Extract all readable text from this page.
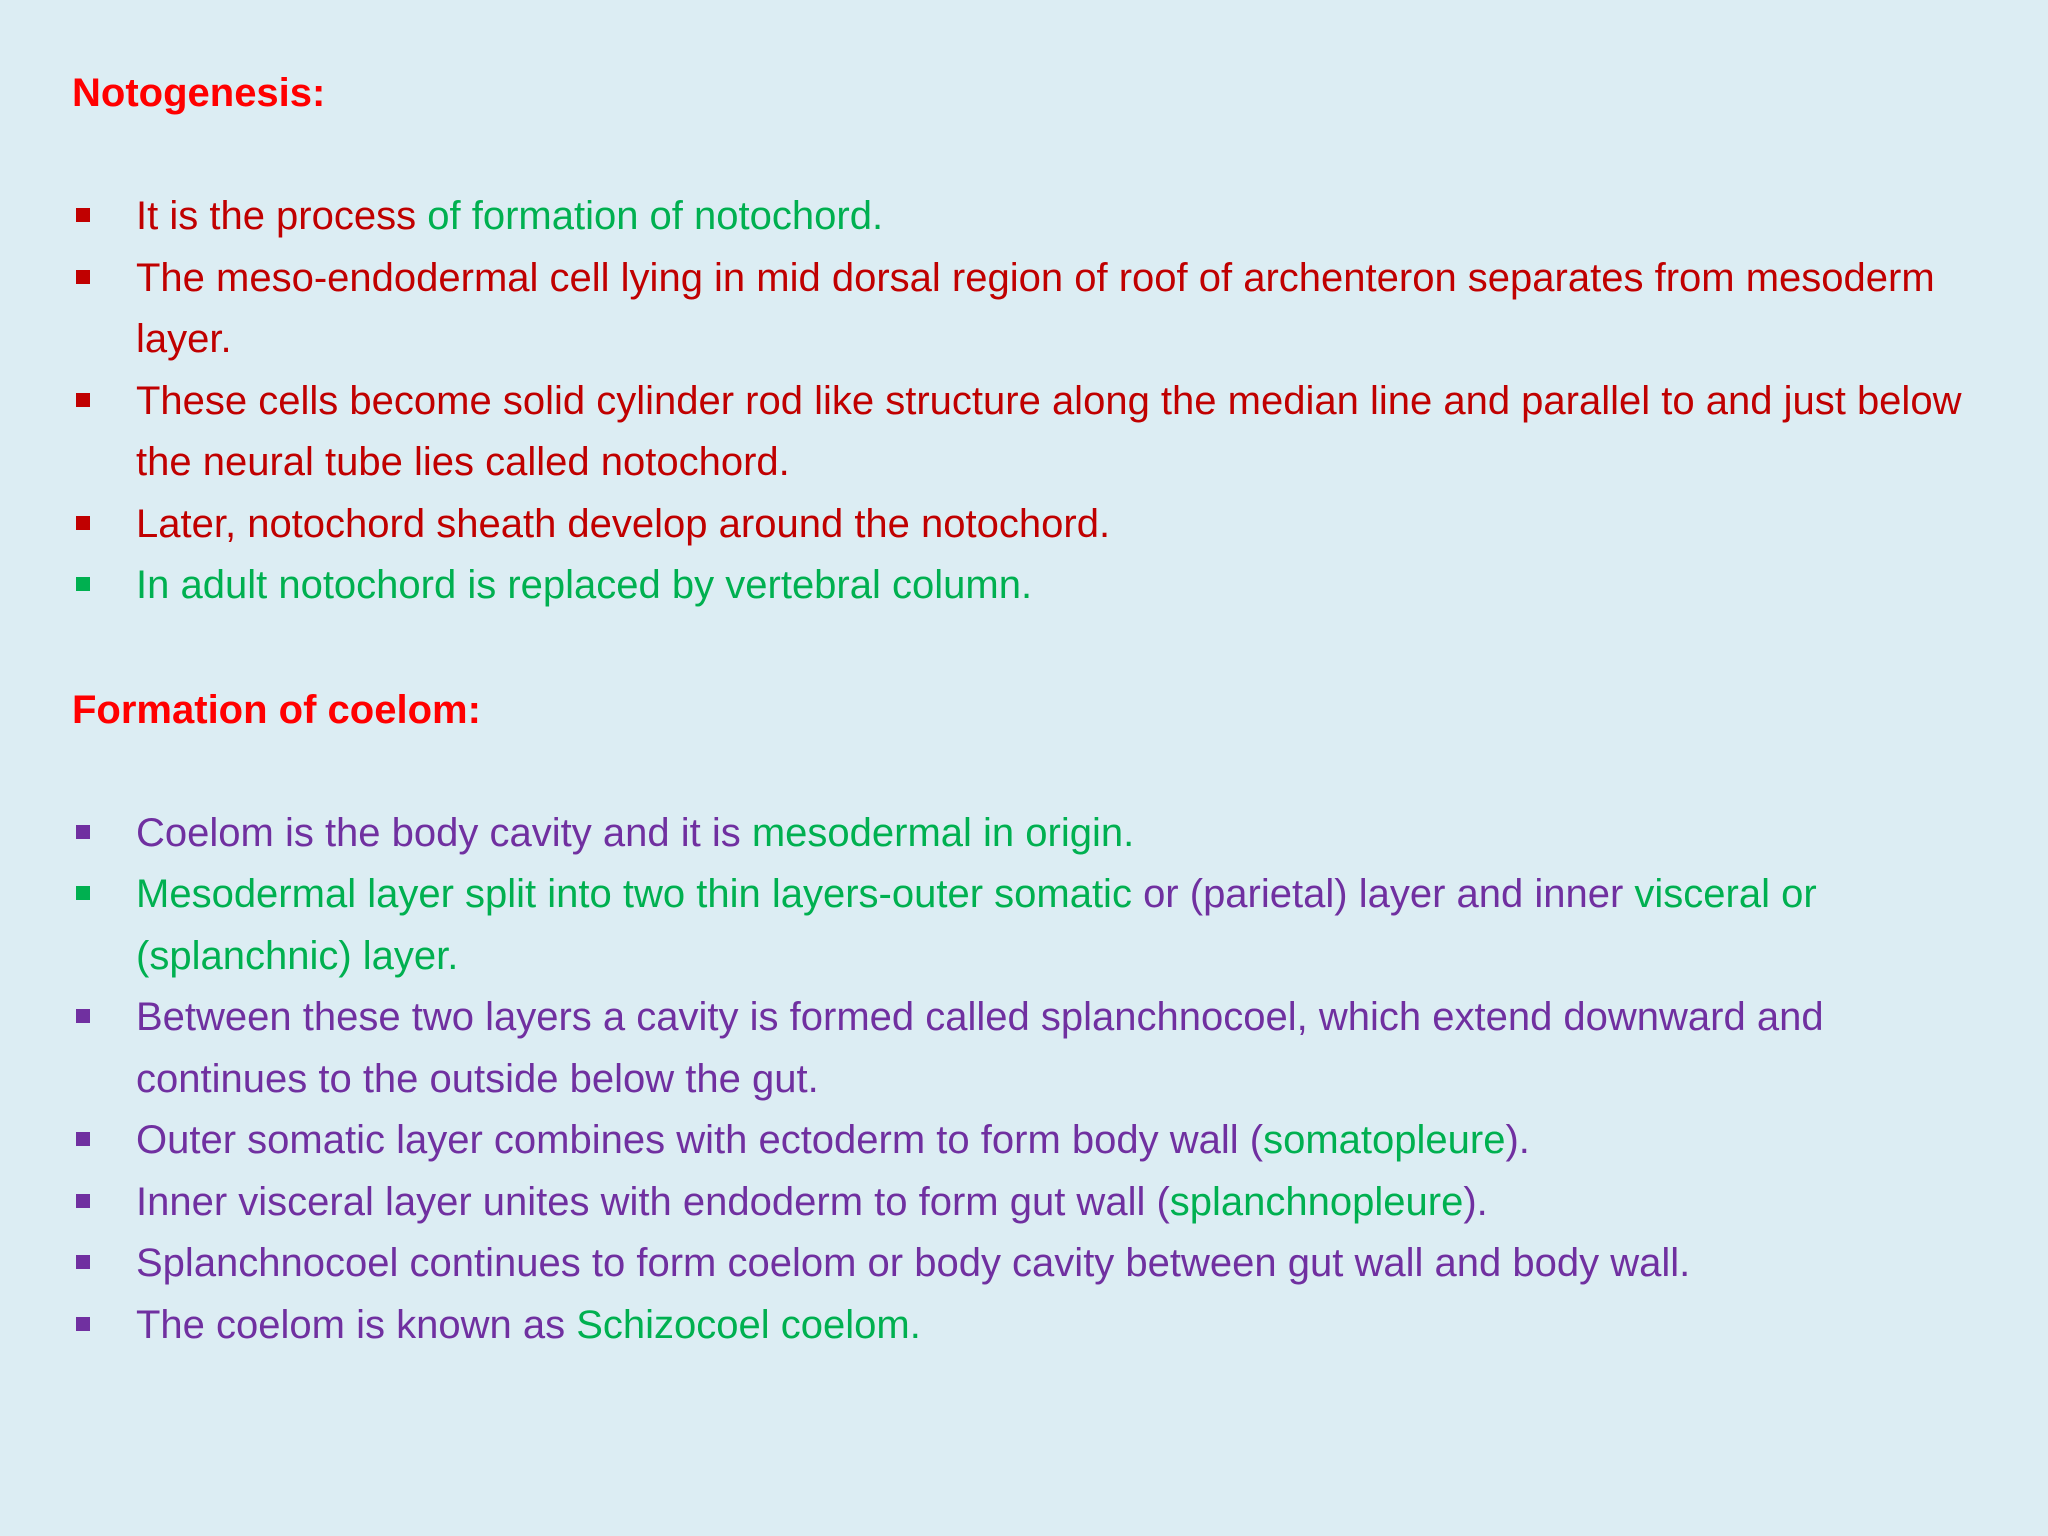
Notogenesis:
It is the process of formation of notochord.
The meso-endodermal cell lying in mid dorsal region of roof of archenteron separates from mesoderm layer.
These cells become solid cylinder rod like structure along the median line and parallel to and just below the neural tube lies called notochord.
Later, notochord sheath develop around the notochord.
In adult notochord is replaced by vertebral column.
Formation of coelom:
Coelom is the body cavity and it is mesodermal in origin.
Mesodermal layer split into two thin layers-outer somatic or (parietal) layer and inner visceral or (splanchnic) layer.
Between these two layers a cavity is formed called splanchnocoel, which extend downward and continues to the outside below the gut.
Outer somatic layer combines with ectoderm to form body wall (somatopleure).
Inner visceral layer unites with endoderm to form gut wall (splanchnopleure).
Splanchnocoel continues to form coelom or body cavity between gut wall and body wall.
The coelom is known as Schizocoel coelom.
